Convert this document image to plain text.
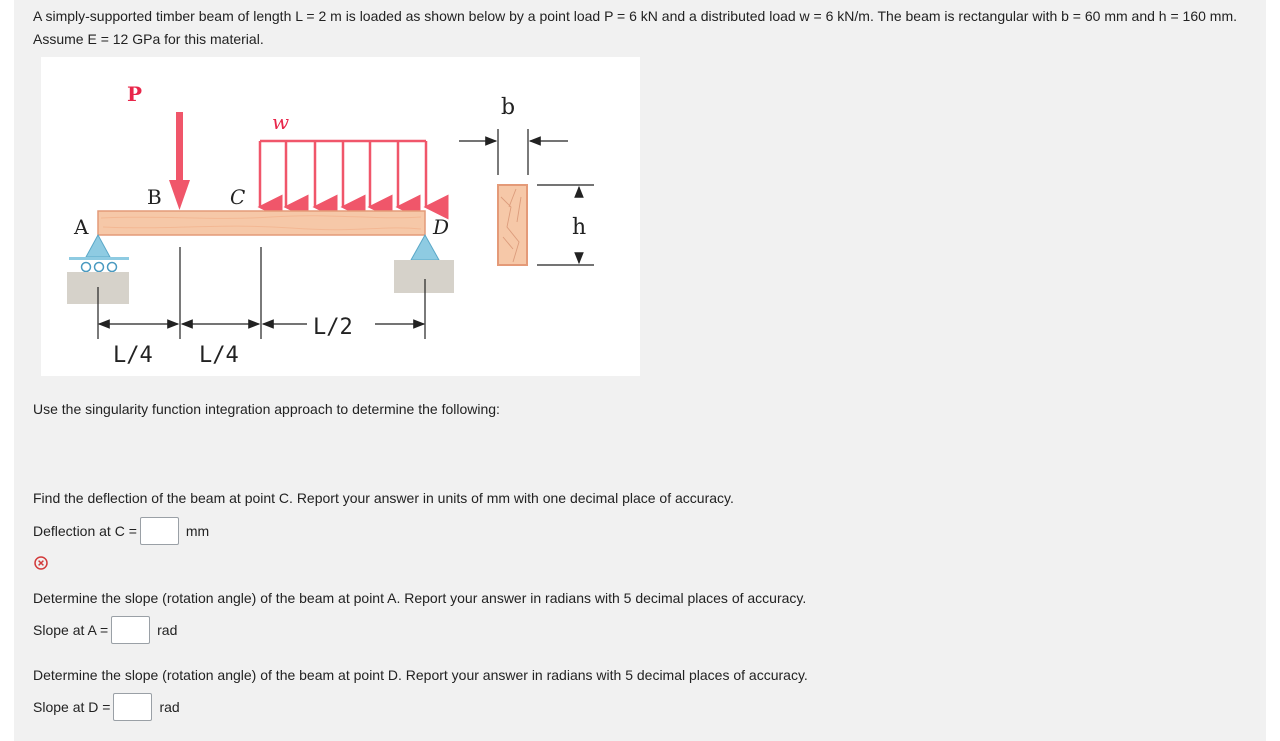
A simply-supported timber beam of length L = 2 m is loaded as shown below by a point load P = 6 kN and a distributed load w = 6 kN/m. The beam is rectangular with b = 60 mm and h = 160 mm. Assume E = 12 GPa for this material.

P
w
B	C
A	D
L/4 L/4
L/2
b
h

Use the singularity function integration approach to determine the following:

Find the deflection of the beam at point C. Report your answer in units of mm with one decimal place of accuracy.

Deflection at C =	mm

Determine the slope (rotation angle) of the beam at point A. Report your answer in radians with 5 decimal places of accuracy.

Slope at A =	rad

Determine the slope (rotation angle) of the beam at point D. Report your answer in radians with 5 decimal places of accuracy.

Slope at D =	rad
